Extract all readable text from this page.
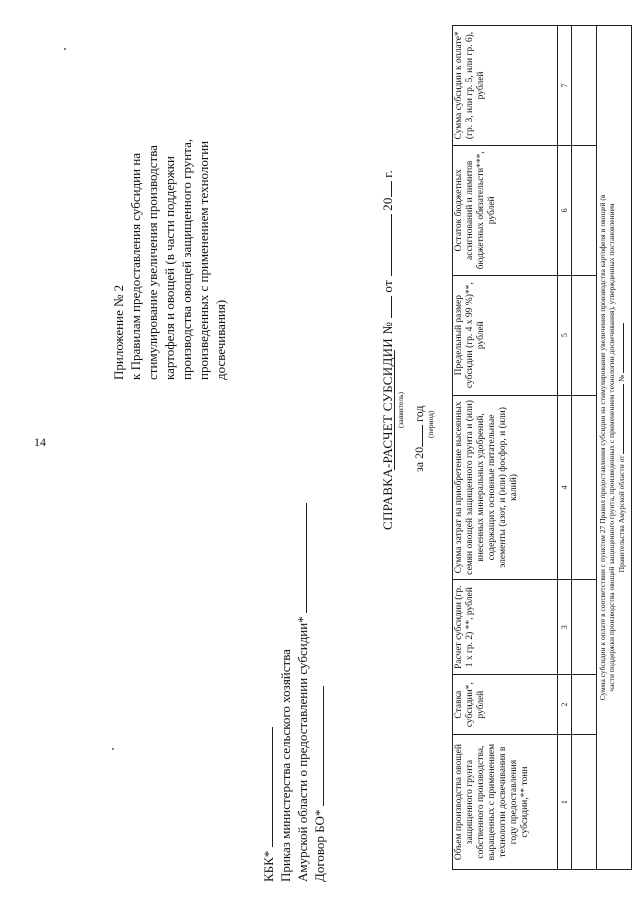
14
Приложение № 2 к Правилам предоставления субсидии на стимулирование увеличения производства картофеля и овощей (в части поддержки производства овощей защищенного грунта, произведенных с применением технологии досвечивания)
КБК* Приказ министерства сельского хозяйства Амурской области о предоставлении субсидии* Договор БО*
СПРАВКА-РАСЧЕТ СУБСИДИИ №  от  20 г.
(заявитель)
за 20 год (период)
Объем производства овощей защищенного грунта собственного производства, выращенных с применением технологии досвечивания в году предоставления субсидии,** тонн	Ставка субсидии*, рублей	Расчет субсидии (гр. 1 х гр. 2) **, рублей	Сумма затрат на приобретение высеянных семян овощей защищенного грунта и (или) внесенных минеральных удобрений, содержащих основные питательные элементы (азот, и (или) фосфор, и (или) калий)	Предельный размер субсидии (гр. 4 х 99 %)**, рублей	Остаток бюджетных ассигнований и лимитов бюджетных обязательств***, рублей	Сумма субсидии к оплате* (гр. 3, или гр. 5, или гр. 6), рублей
1	2	3	4	5	6	7

Сумма субсидии к оплате в соответствии с пунктом 27 Правил предоставления субсидии на стимулирование увеличения производства картофеля и овощей (в части поддержки производства овощей защищенного грунта, произведенных с применением технологии досвечивания), утвержденных постановлением Правительства Амурской области от  №						
